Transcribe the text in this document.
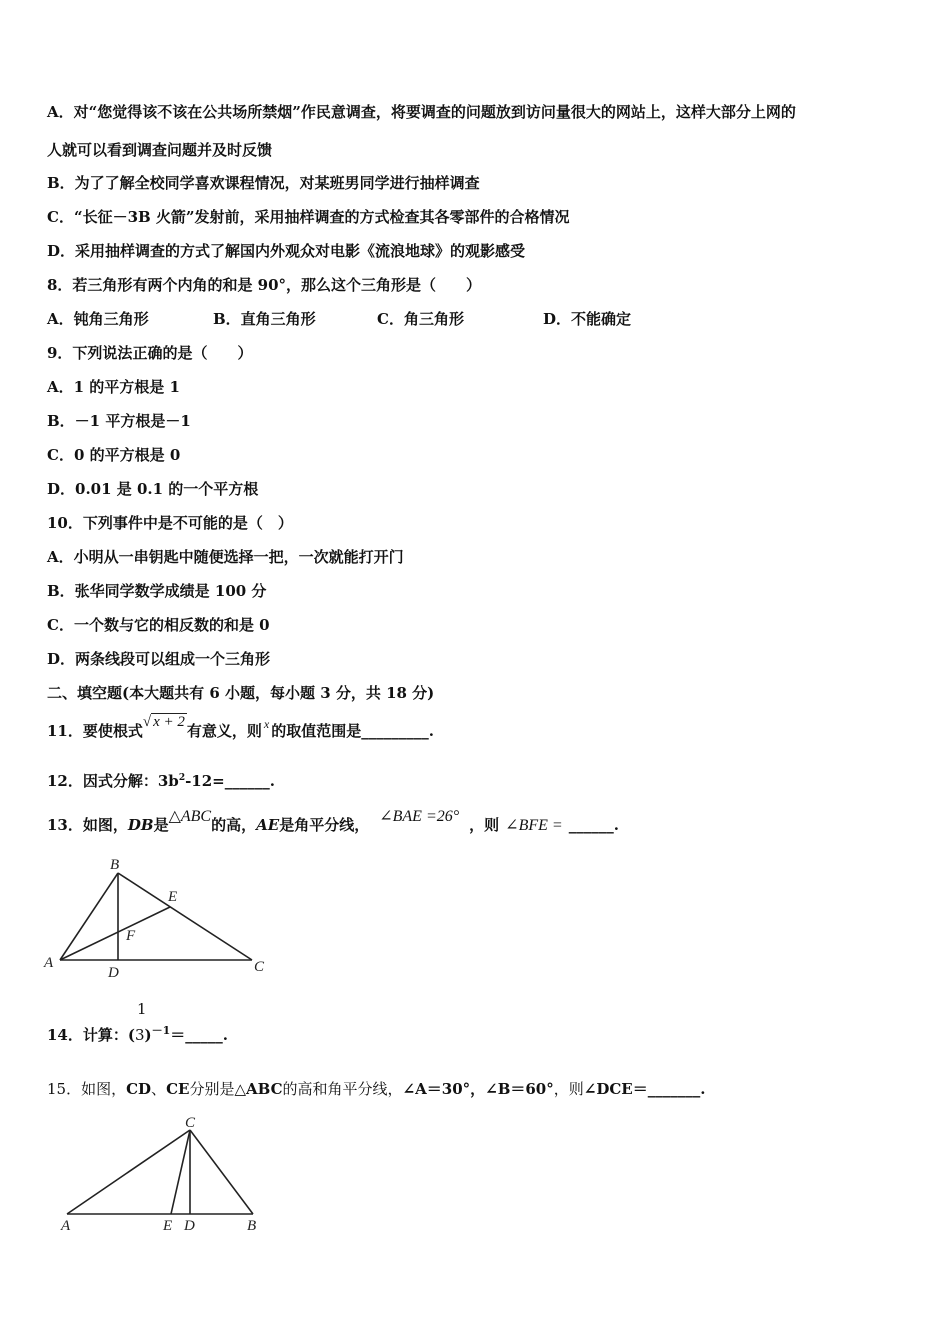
A．对“您觉得该不该在公共场所禁烟”作民意调查，将要调查的问题放到访问量很大的网站上，这样大部分上网的
人就可以看到调查问题并及时反馈
B．为了了解全校同学喜欢课程情况，对某班男同学进行抽样调查
C．“长征－3B 火箭”发射前，采用抽样调查的方式检查其各零部件的合格情况
D．采用抽样调查的方式了解国内外观众对电影《流浪地球》的观影感受
8．若三角形有两个内角的和是 90°，那么这个三角形是（　　）
A．钝角三角形	B．直角三角形	C．角三角形	D．不能确定
9．下列说法正确的是（　　）
A．1 的平方根是 1
B．－1 平方根是－1
C．0 的平方根是 0
D．0.01 是 0.1 的一个平方根
10．下列事件中是不可能的是（　）
A．小明从一串钥匙中随便选择一把，一次就能打开门
B．张华同学数学成绩是 100 分
C．一个数与它的相反数的和是 0
D．两条线段可以组成一个三角形
二、填空题(本大题共有 6 小题，每小题 3 分，共 18 分)
11．要使根式√ x + 2 有意义，则 $^x$ 的取值范围是_________.
12．因式分解：$3b^2-12=\_\_\_\_\_\_$.
13．如图，DB是△ABC的高，AE是角平分线， ∠BAE =26° ，则 ∠BFE = ______.
A
B
C
D
E
F
14．计算：(
1
3)$^{-1}$＝_____.
15．如图，CD、CE分别是△ABC的高和角平分线，∠A＝30°，∠B＝60°，则∠DCE＝_______.
A	B
C
D
E
